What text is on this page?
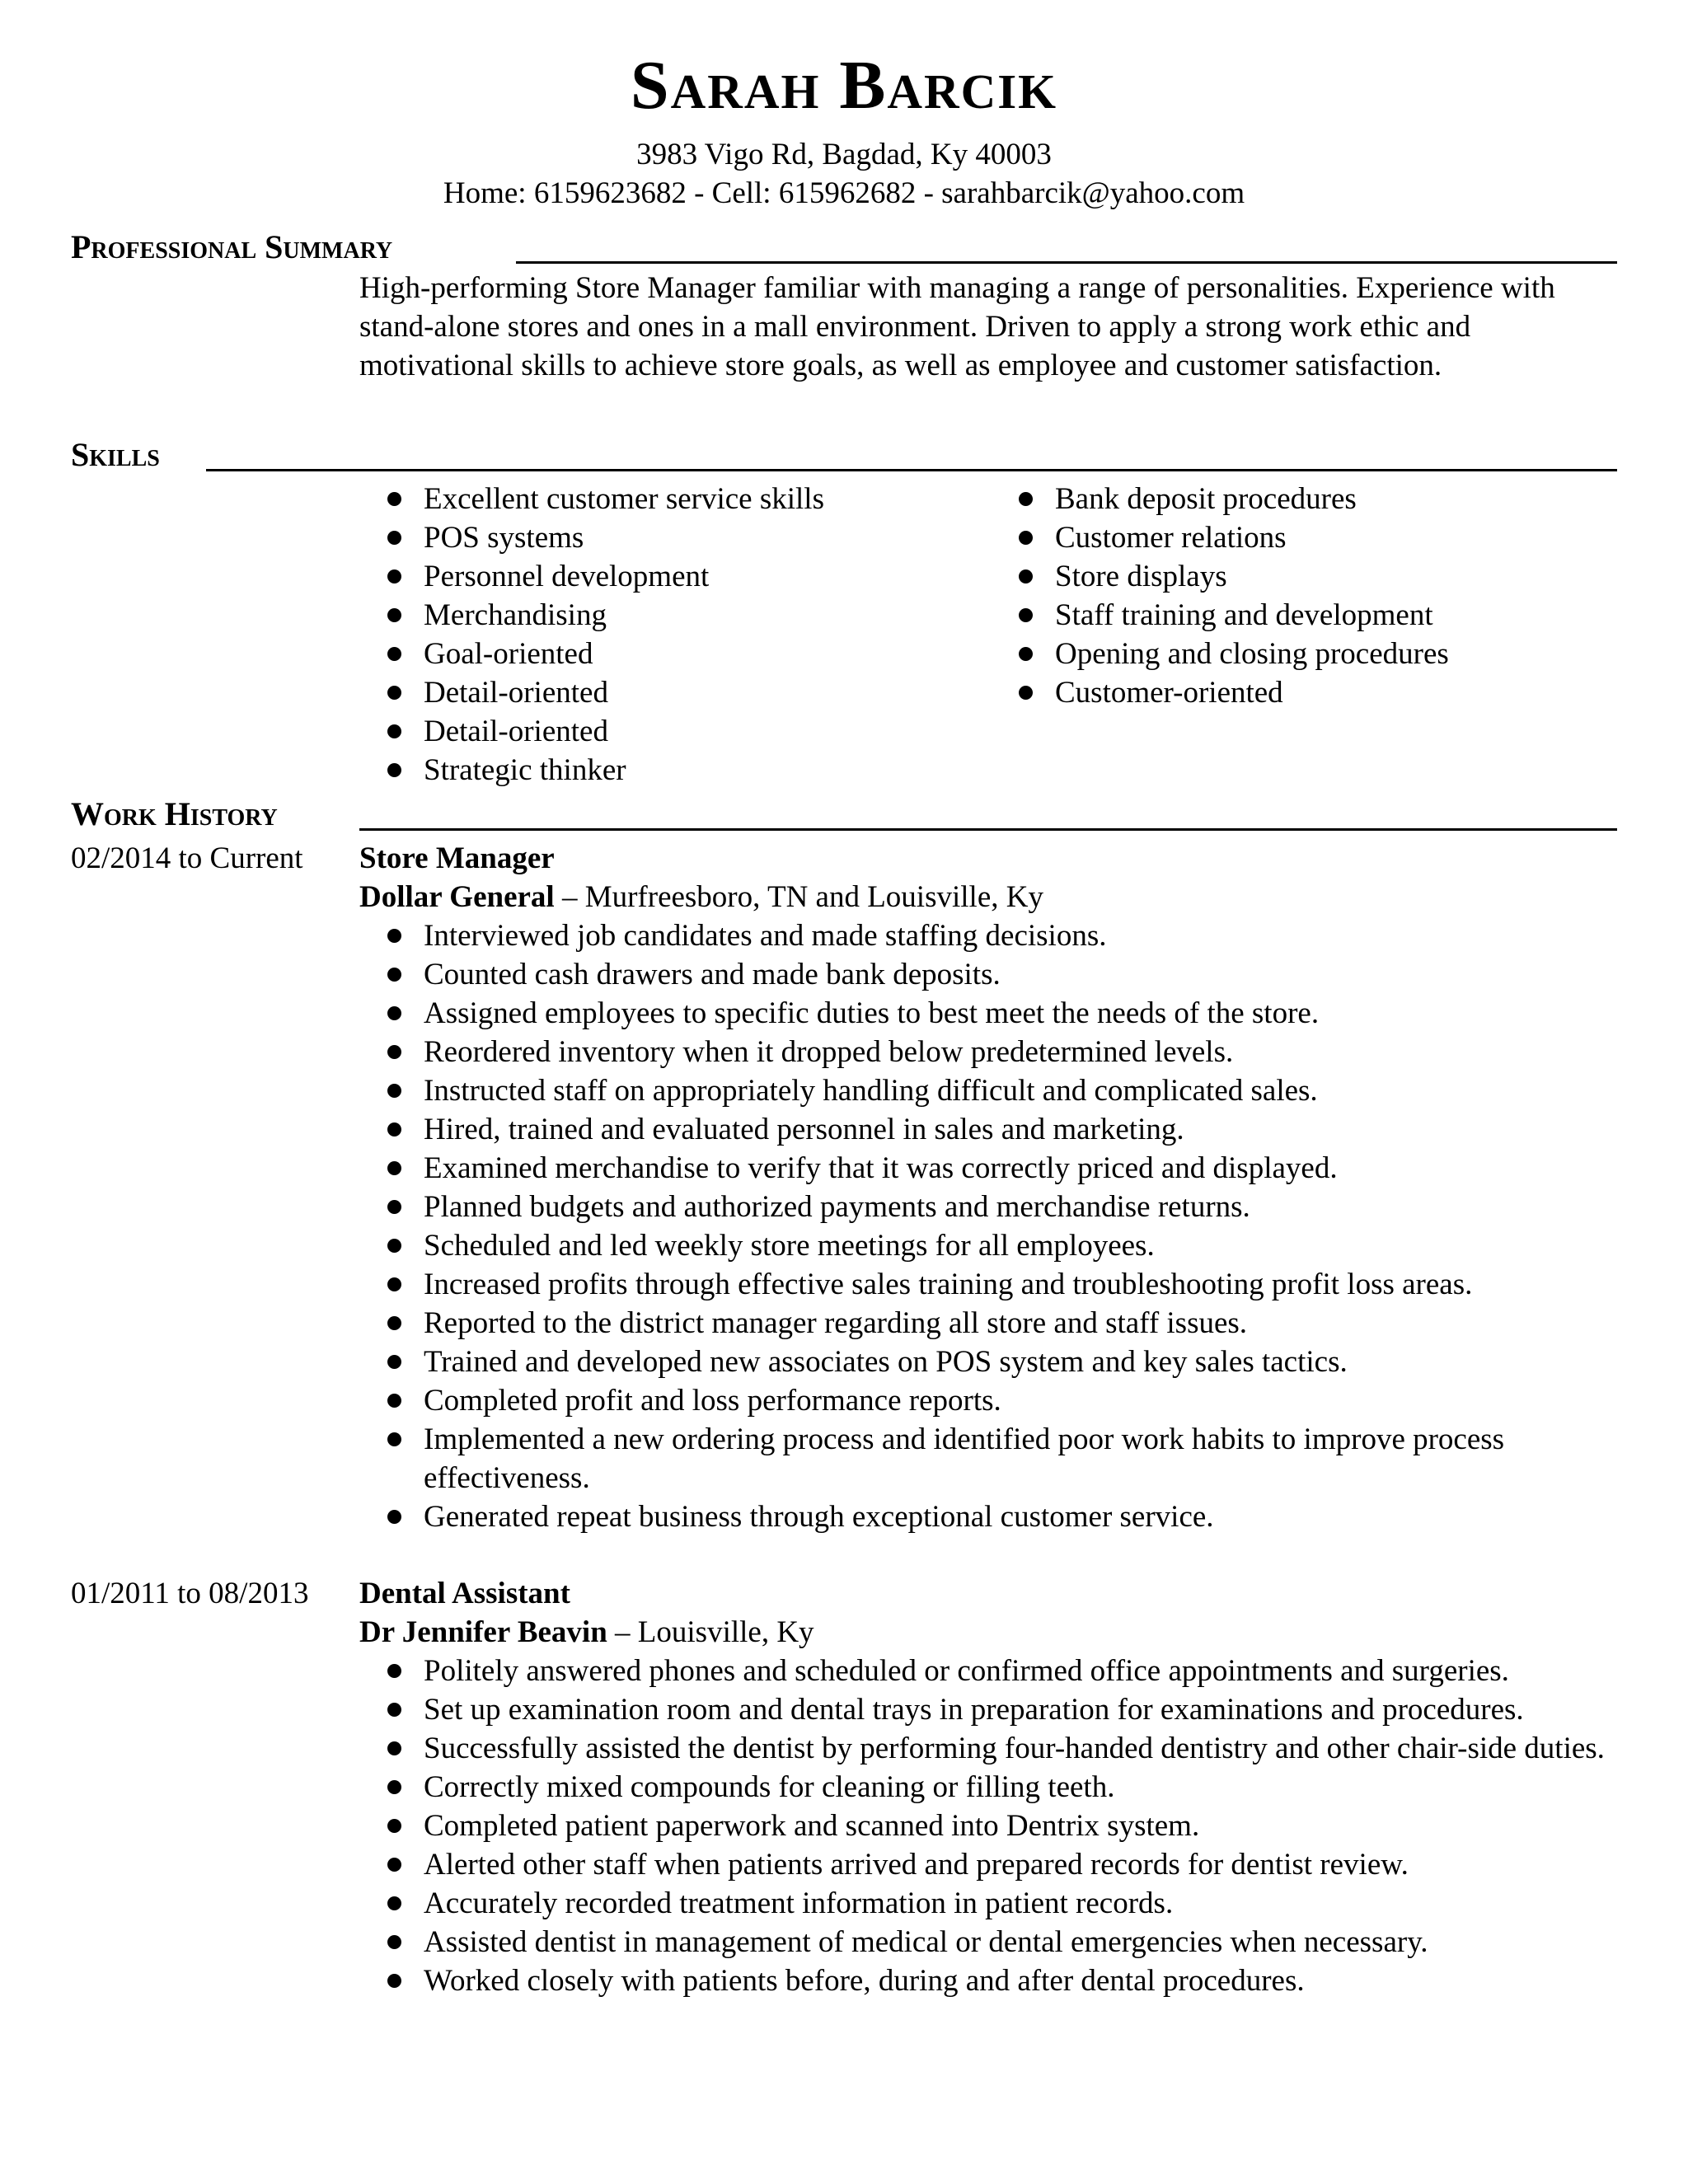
Sarah Barcik
3983 Vigo Rd, Bagdad, Ky 40003
Home: 6159623682 - Cell: 615962682 - sarahbarcik@yahoo.com
Professional Summary

High-performing Store Manager familiar with managing a range of personalities. Experience with stand-alone stores and ones in a mall environment. Driven to apply a strong work ethic and motivational skills to achieve store goals, as well as employee and customer satisfaction.

Skills
Excellent customer service skills
POS systems
Personnel development
Merchandising
Goal-oriented
Detail-oriented
Detail-oriented
Strategic thinker
Bank deposit procedures
Customer relations
Store displays
Staff training and development
Opening and closing procedures
Customer-oriented
Work History
02/2014 to Current Store Manager
Dollar General – Murfreesboro, TN and Louisville, Ky
Interviewed job candidates and made staffing decisions.
Counted cash drawers and made bank deposits.
Assigned employees to specific duties to best meet the needs of the store.
Reordered inventory when it dropped below predetermined levels.
Instructed staff on appropriately handling difficult and complicated sales.
Hired, trained and evaluated personnel in sales and marketing.
Examined merchandise to verify that it was correctly priced and displayed.
Planned budgets and authorized payments and merchandise returns.
Scheduled and led weekly store meetings for all employees.
Increased profits through effective sales training and troubleshooting profit loss areas.
Reported to the district manager regarding all store and staff issues.
Trained and developed new associates on POS system and key sales tactics.
Completed profit and loss performance reports.
Implemented a new ordering process and identified poor work habits to improve process effectiveness.
Generated repeat business through exceptional customer service.
01/2011 to 08/2013 Dental Assistant
Dr Jennifer Beavin – Louisville, Ky
Politely answered phones and scheduled or confirmed office appointments and surgeries.
Set up examination room and dental trays in preparation for examinations and procedures.
Successfully assisted the dentist by performing four-handed dentistry and other chair-side duties.
Correctly mixed compounds for cleaning or filling teeth.
Completed patient paperwork and scanned into Dentrix system.
Alerted other staff when patients arrived and prepared records for dentist review.
Accurately recorded treatment information in patient records.
Assisted dentist in management of medical or dental emergencies when necessary.
Worked closely with patients before, during and after dental procedures.
